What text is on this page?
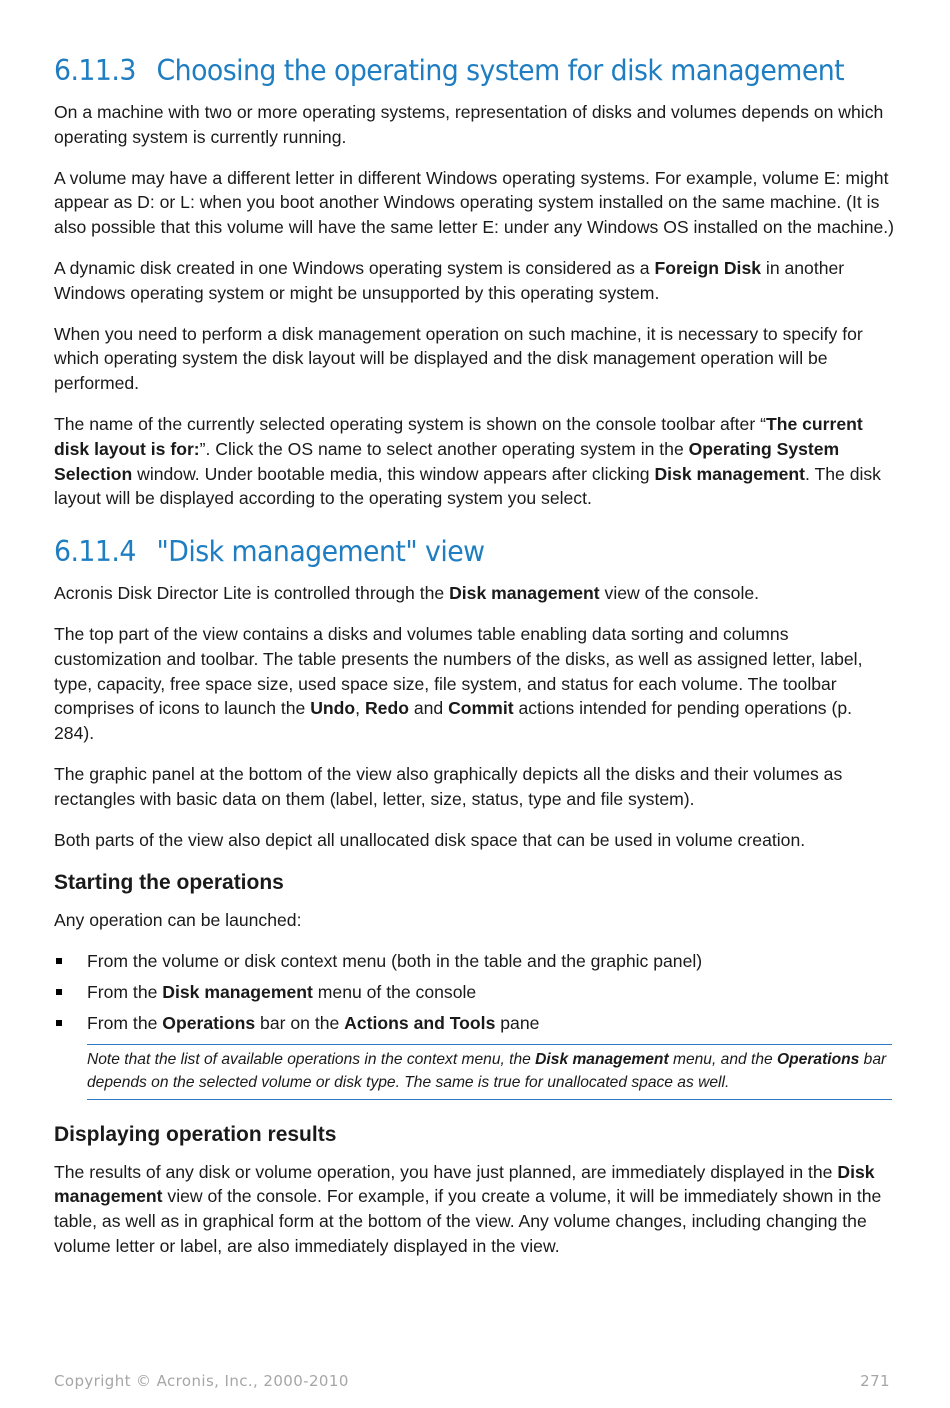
6.11.3 Choosing the operating system for disk management

On a machine with two or more operating systems, representation of disks and volumes depends on which operating system is currently running.

A volume may have a different letter in different Windows operating systems. For example, volume E: might appear as D: or L: when you boot another Windows operating system installed on the same machine. (It is also possible that this volume will have the same letter E: under any Windows OS installed on the machine.)

A dynamic disk created in one Windows operating system is considered as a Foreign Disk in another Windows operating system or might be unsupported by this operating system.

When you need to perform a disk management operation on such machine, it is necessary to specify for which operating system the disk layout will be displayed and the disk management operation will be performed.

The name of the currently selected operating system is shown on the console toolbar after “The current disk layout is for:”. Click the OS name to select another operating system in the Operating System Selection window. Under bootable media, this window appears after clicking Disk management. The disk layout will be displayed according to the operating system you select.

6.11.4 "Disk management" view

Acronis Disk Director Lite is controlled through the Disk management view of the console.

The top part of the view contains a disks and volumes table enabling data sorting and columns customization and toolbar. The table presents the numbers of the disks, as well as assigned letter, label, type, capacity, free space size, used space size, file system, and status for each volume. The toolbar comprises of icons to launch the Undo, Redo and Commit actions intended for pending operations (p. 284).

The graphic panel at the bottom of the view also graphically depicts all the disks and their volumes as rectangles with basic data on them (label, letter, size, status, type and file system).

Both parts of the view also depict all unallocated disk space that can be used in volume creation.

Starting the operations

Any operation can be launched:

From the volume or disk context menu (both in the table and the graphic panel)
From the Disk management menu of the console
From the Operations bar on the Actions and Tools pane
Note that the list of available operations in the context menu, the Disk management menu, and the Operations bar depends on the selected volume or disk type. The same is true for unallocated space as well.
Displaying operation results

The results of any disk or volume operation, you have just planned, are immediately displayed in the Disk management view of the console. For example, if you create a volume, it will be immediately shown in the table, as well as in graphical form at the bottom of the view. Any volume changes, including changing the volume letter or label, are also immediately displayed in the view.

Copyright © Acronis, Inc., 2000-2010	271
